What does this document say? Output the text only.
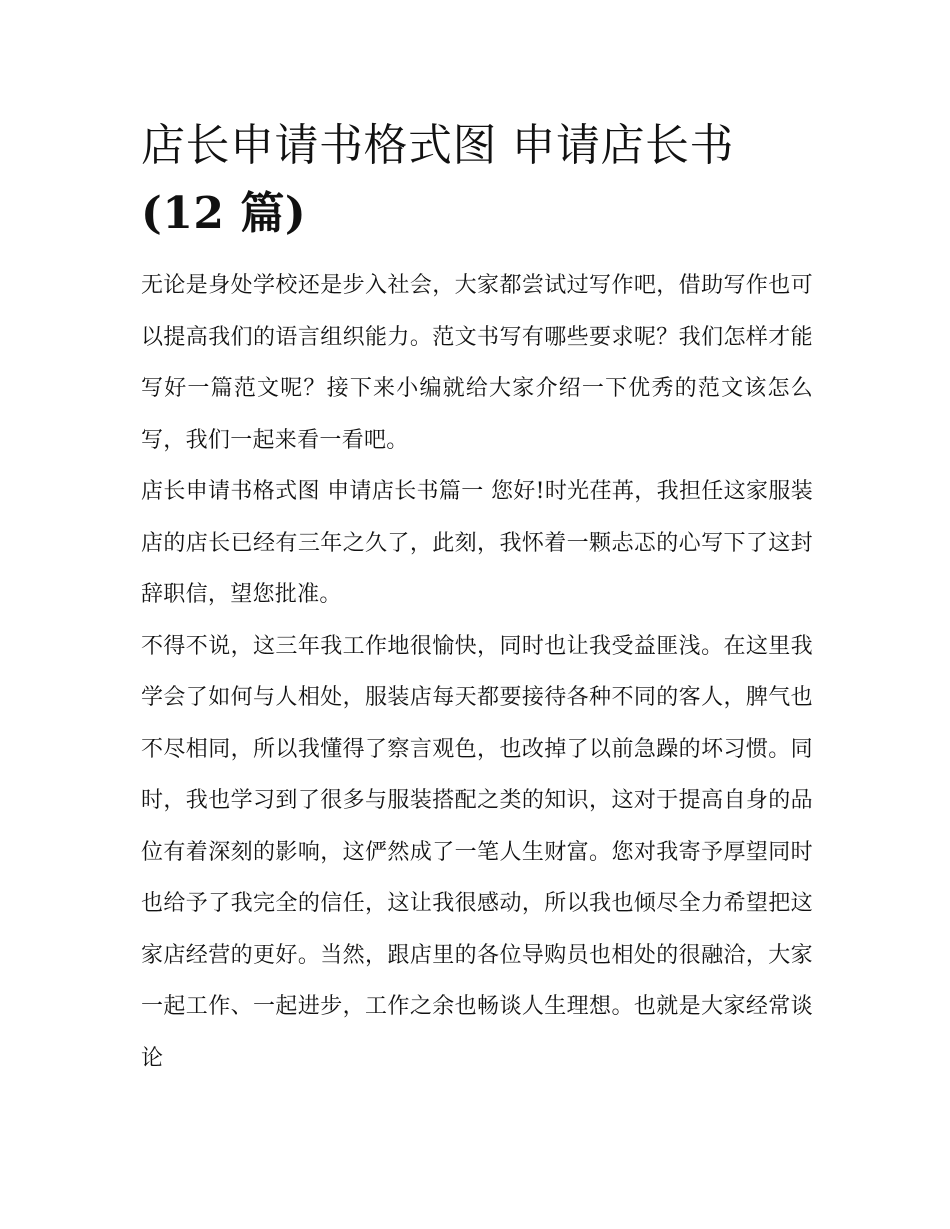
店长申请书格式图 申请店长书
(12 篇)

无论是身处学校还是步入社会，大家都尝试过写作吧，借助写作也可以提高我们的语言组织能力。范文书写有哪些要求呢？我们怎样才能写好一篇范文呢？接下来小编就给大家介绍一下优秀的范文该怎么写，我们一起来看一看吧。

店长申请书格式图 申请店长书篇一 您好!时光荏苒，我担任这家服装店的店长已经有三年之久了，此刻，我怀着一颗忐忑的心写下了这封辞职信，望您批准。

不得不说，这三年我工作地很愉快，同时也让我受益匪浅。在这里我学会了如何与人相处，服装店每天都要接待各种不同的客人，脾气也不尽相同，所以我懂得了察言观色，也改掉了以前急躁的坏习惯。同时，我也学习到了很多与服装搭配之类的知识，这对于提高自身的品位有着深刻的影响，这俨然成了一笔人生财富。您对我寄予厚望同时也给予了我完全的信任，这让我很感动，所以我也倾尽全力希望把这家店经营的更好。当然，跟店里的各位导购员也相处的很融洽，大家一起工作、一起进步，工作之余也畅谈人生理想。也就是大家经常谈论
